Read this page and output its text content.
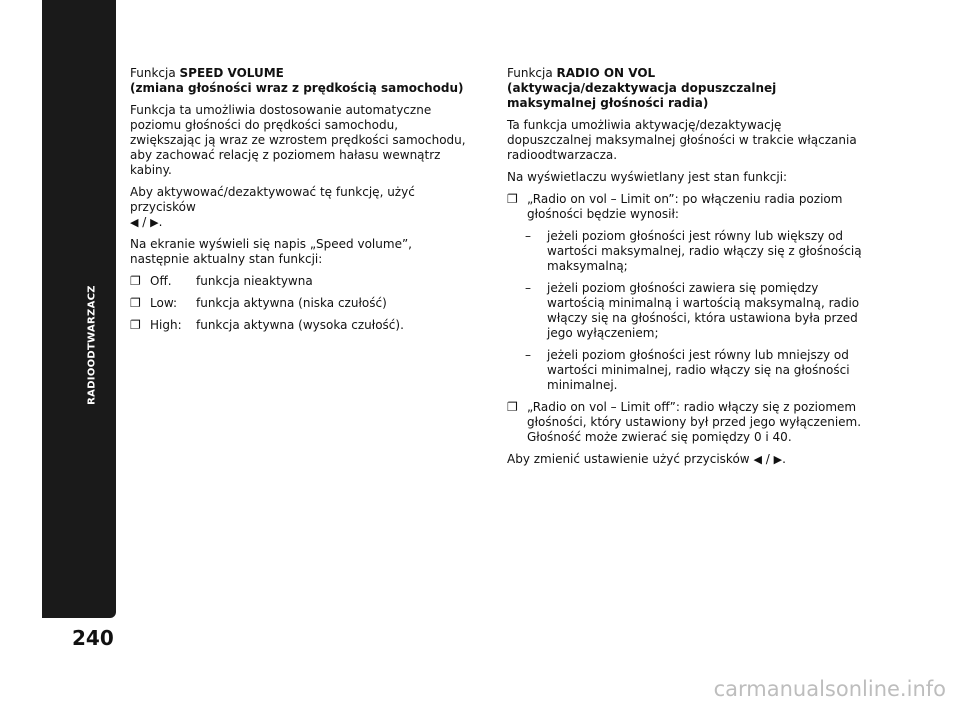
RADIOODTWARZACZ
240
Funkcja SPEED VOLUME
(zmiana głośności wraz z prędkością samochodu)

Funkcja ta umożliwia dostosowanie automatyczne poziomu głośności do prędkości samochodu, zwiększając ją wraz ze wzrostem prędkości samochodu, aby zachować relację z poziomem hałasu wewnątrz kabiny.

Aby aktywować/dezaktywować tę funkcję, użyć przycisków
◀ / ▶.

Na ekranie wyświeli się napis „Speed volume”, następnie aktualny stan funkcji:

❐ Off.	funkcja nieaktywna
❐ Low:	funkcja aktywna (niska czułość)
❐ High:	funkcja aktywna (wysoka czułość).
Funkcja RADIO ON VOL
(aktywacja/dezaktywacja dopuszczalnej maksymalnej głośności radia)

Ta funkcja umożliwia aktywację/dezaktywację dopuszczalnej maksymalnej głośności w trakcie włączania radioodtwarzacza.

Na wyświetlaczu wyświetlany jest stan funkcji:

❐ „Radio on vol – Limit on”: po włączeniu radia poziom głośności będzie wynosił:
–	jeżeli poziom głośności jest równy lub większy od wartości maksymalnej, radio włączy się z głośnością maksymalną;
–	jeżeli poziom głośności zawiera się pomiędzy wartością minimalną i wartością maksymalną, radio włączy się na głośności, która ustawiona była przed jego wyłączeniem;
–	jeżeli poziom głośności jest równy lub mniejszy od wartości minimalnej, radio włączy się na głośności minimalnej.
❐ „Radio on vol – Limit off”: radio włączy się z poziomem głośności, który ustawiony był przed jego wyłączeniem. Głośność może zwierać się pomiędzy 0 i 40.

Aby zmienić ustawienie użyć przycisków ◀ / ▶.

carmanualsonline.info
